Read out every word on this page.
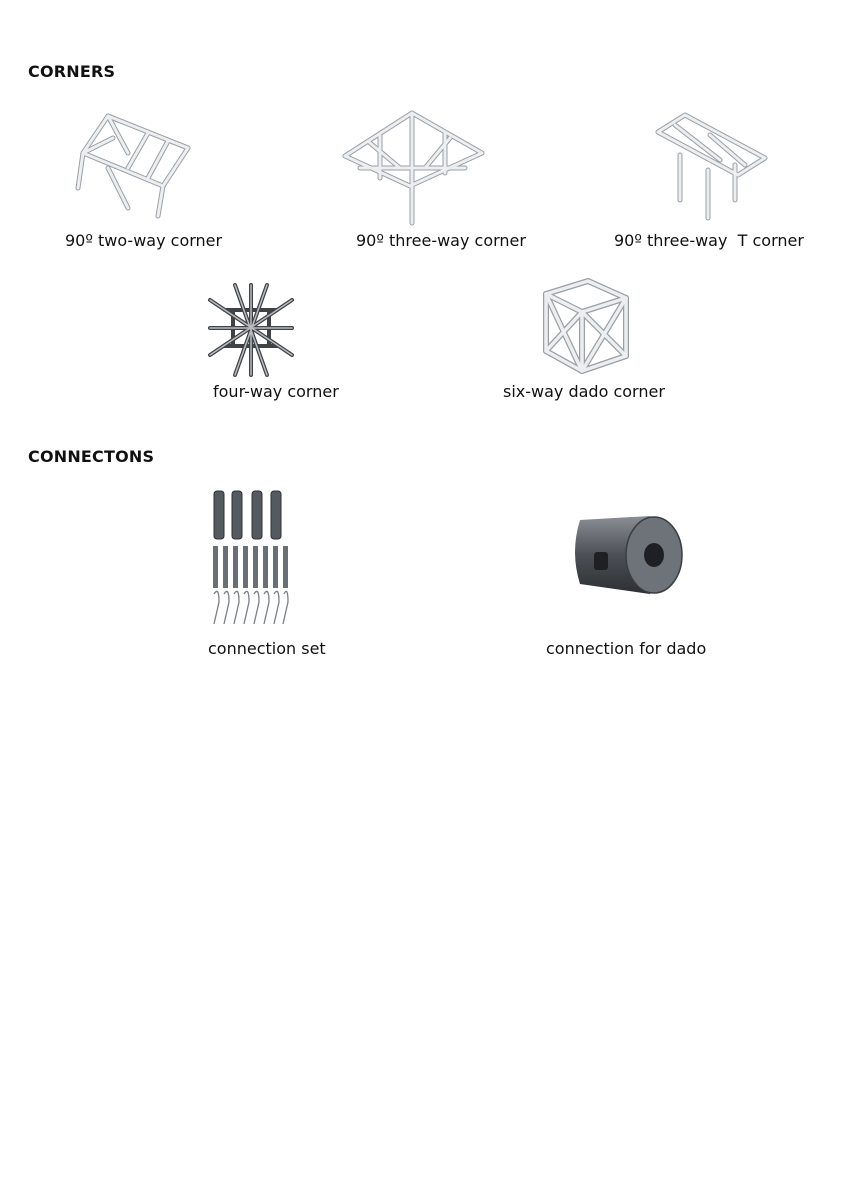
CORNERS
90º two-way corner	90º three-way corner	90º three-way  T corner
four-way corner	six-way dado corner
CONNECTONS
connection set	connection for dado
